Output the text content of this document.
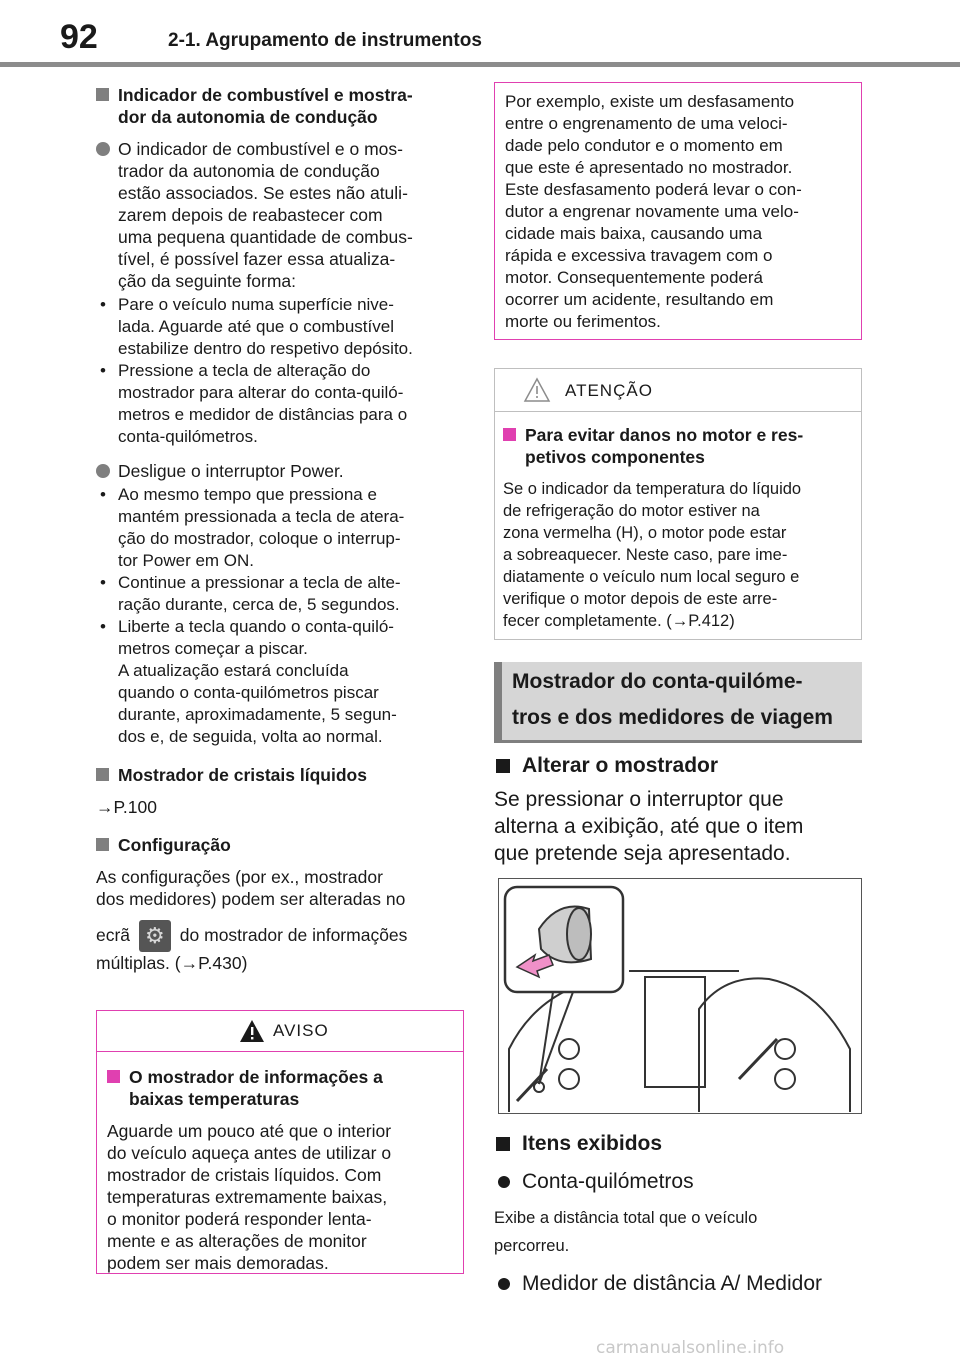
92	2-1. Agrupamento de instrumentos
Indicador de combustível e mostra-
dor da autonomia de condução
O indicador de combustível e o mos-
trador da autonomia de condução
estão associados. Se estes não atuli-
zarem depois de reabastecer com
uma pequena quantidade de combus-
tível, é possível fazer essa atualiza-
ção da seguinte forma:
• Pare o veículo numa superfície nive-
lada. Aguarde até que o combustível
estabilize dentro do respetivo depósito.
• Pressione a tecla de alteração do
mostrador para alterar do conta-quiló-
metros e medidor de distâncias para o
conta-quilómetros.
Desligue o interruptor Power.
• Ao mesmo tempo que pressiona e
mantém pressionada a tecla de atera-
ção do mostrador, coloque o interrup-
tor Power em ON.
• Continue a pressionar a tecla de alte-
ração durante, cerca de, 5 segundos.
• Liberte a tecla quando o conta-quiló-
metros começar a piscar.
A atualização estará concluída
quando o conta-quilómetros piscar
durante, aproximadamente, 5 segun-
dos e, de seguida, volta ao normal.
Mostrador de cristais líquidos

→P.100

Configuração
As configurações (por ex., mostrador
dos medidores) podem ser alteradas no
ecrã ⚙ do mostrador de informações
múltiplas. (→P.430)
AVISO
O mostrador de informações a
baixas temperaturas
Aguarde um pouco até que o interior
do veículo aqueça antes de utilizar o
mostrador de cristais líquidos. Com
temperaturas extremamente baixas,
o monitor poderá responder lenta-
mente e as alterações de monitor
podem ser mais demoradas.
Por exemplo, existe um desfasamento
entre o engrenamento de uma veloci-
dade pelo condutor e o momento em
que este é apresentado no mostrador.
Este desfasamento poderá levar o con-
dutor a engrenar novamente uma velo-
cidade mais baixa, causando uma
rápida e excessiva travagem com o
motor. Consequentemente poderá
ocorrer um acidente, resultando em
morte ou ferimentos.
ATENÇÃO
Para evitar danos no motor e res-
petivos componentes

Se o indicador da temperatura do líquido

de refrigeração do motor estiver na

zona vermelha (H), o motor pode estar

a sobreaquecer. Neste caso, pare ime-

diatamente o veículo num local seguro e

verifique o motor depois de este arre-

fecer completamente. (→P.412)

Mostrador do conta-quilóme-
tros e dos medidores de viagem
Alterar o mostrador

Se pressionar o interruptor que

alterna a exibição, até que o item

que pretende seja apresentado.

Itens exibidos
Conta-quilómetros

Exibe a distância total que o veículo

percorreu.

Medidor de distância A/ Medidor
carmanualsonline.info
